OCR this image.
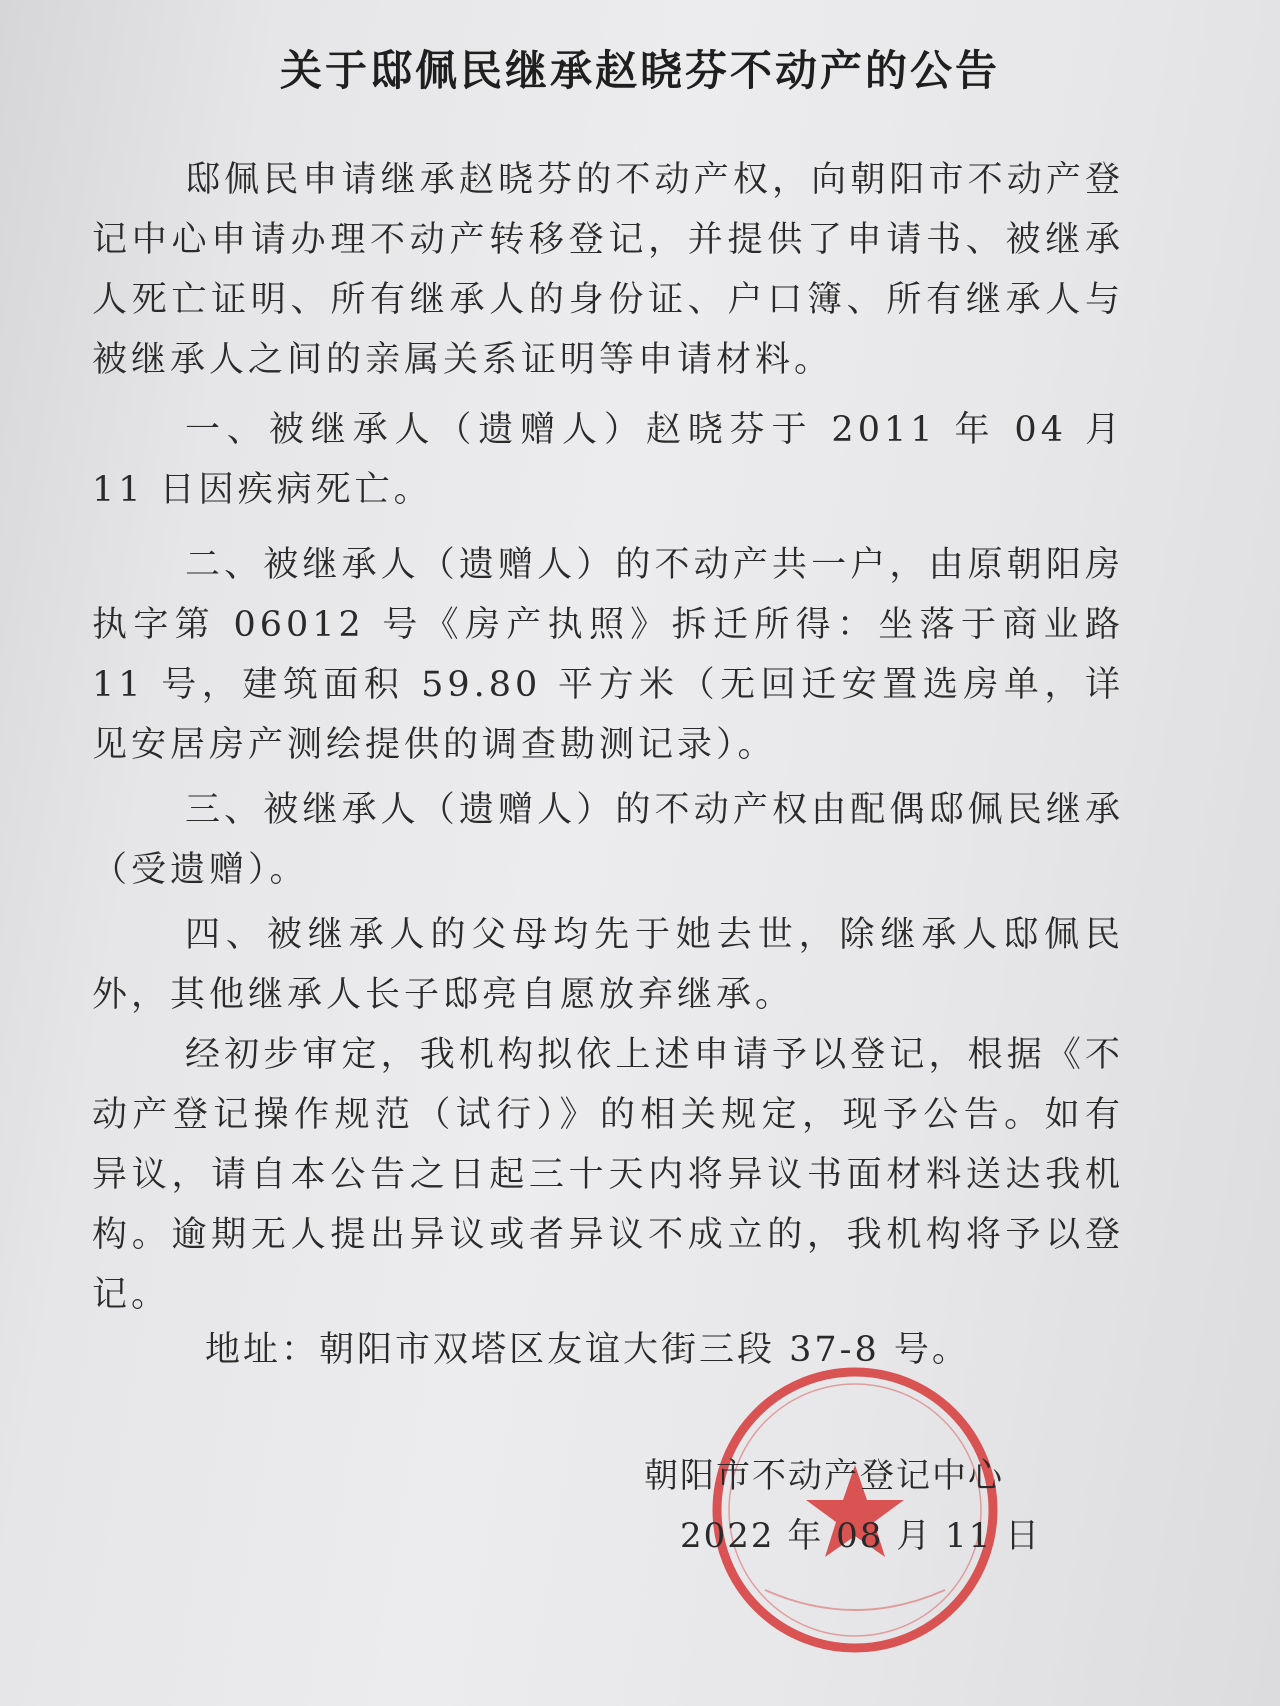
关于邸佩民继承赵晓芬不动产的公告

邸佩民申请继承赵晓芬的不动产权，向朝阳市不动产登记中心申请办理不动产转移登记，并提供了申请书、被继承人死亡证明、所有继承人的身份证、户口簿、所有继承人与被继承人之间的亲属关系证明等申请材料。

一、被继承人（遗赠人）赵晓芬于 2011 年 04 月 11 日因疾病死亡。

二、被继承人（遗赠人）的不动产共一户，由原朝阳房执字第 06012 号《房产执照》拆迁所得：坐落于商业路 11 号，建筑面积 59.80 平方米（无回迁安置选房单，详见安居房产测绘提供的调查勘测记录）。

三、被继承人（遗赠人）的不动产权由配偶邸佩民继承（受遗赠）。

四、被继承人的父母均先于她去世，除继承人邸佩民外，其他继承人长子邸亮自愿放弃继承。

经初步审定，我机构拟依上述申请予以登记，根据《不动产登记操作规范（试行）》的相关规定，现予公告。如有异议，请自本公告之日起三十天内将异议书面材料送达我机构。逾期无人提出异议或者异议不成立的，我机构将予以登记。

地址：朝阳市双塔区友谊大街三段 37-8 号。
朝阳市不动产登记中心
2022 年 08 月 11 日
